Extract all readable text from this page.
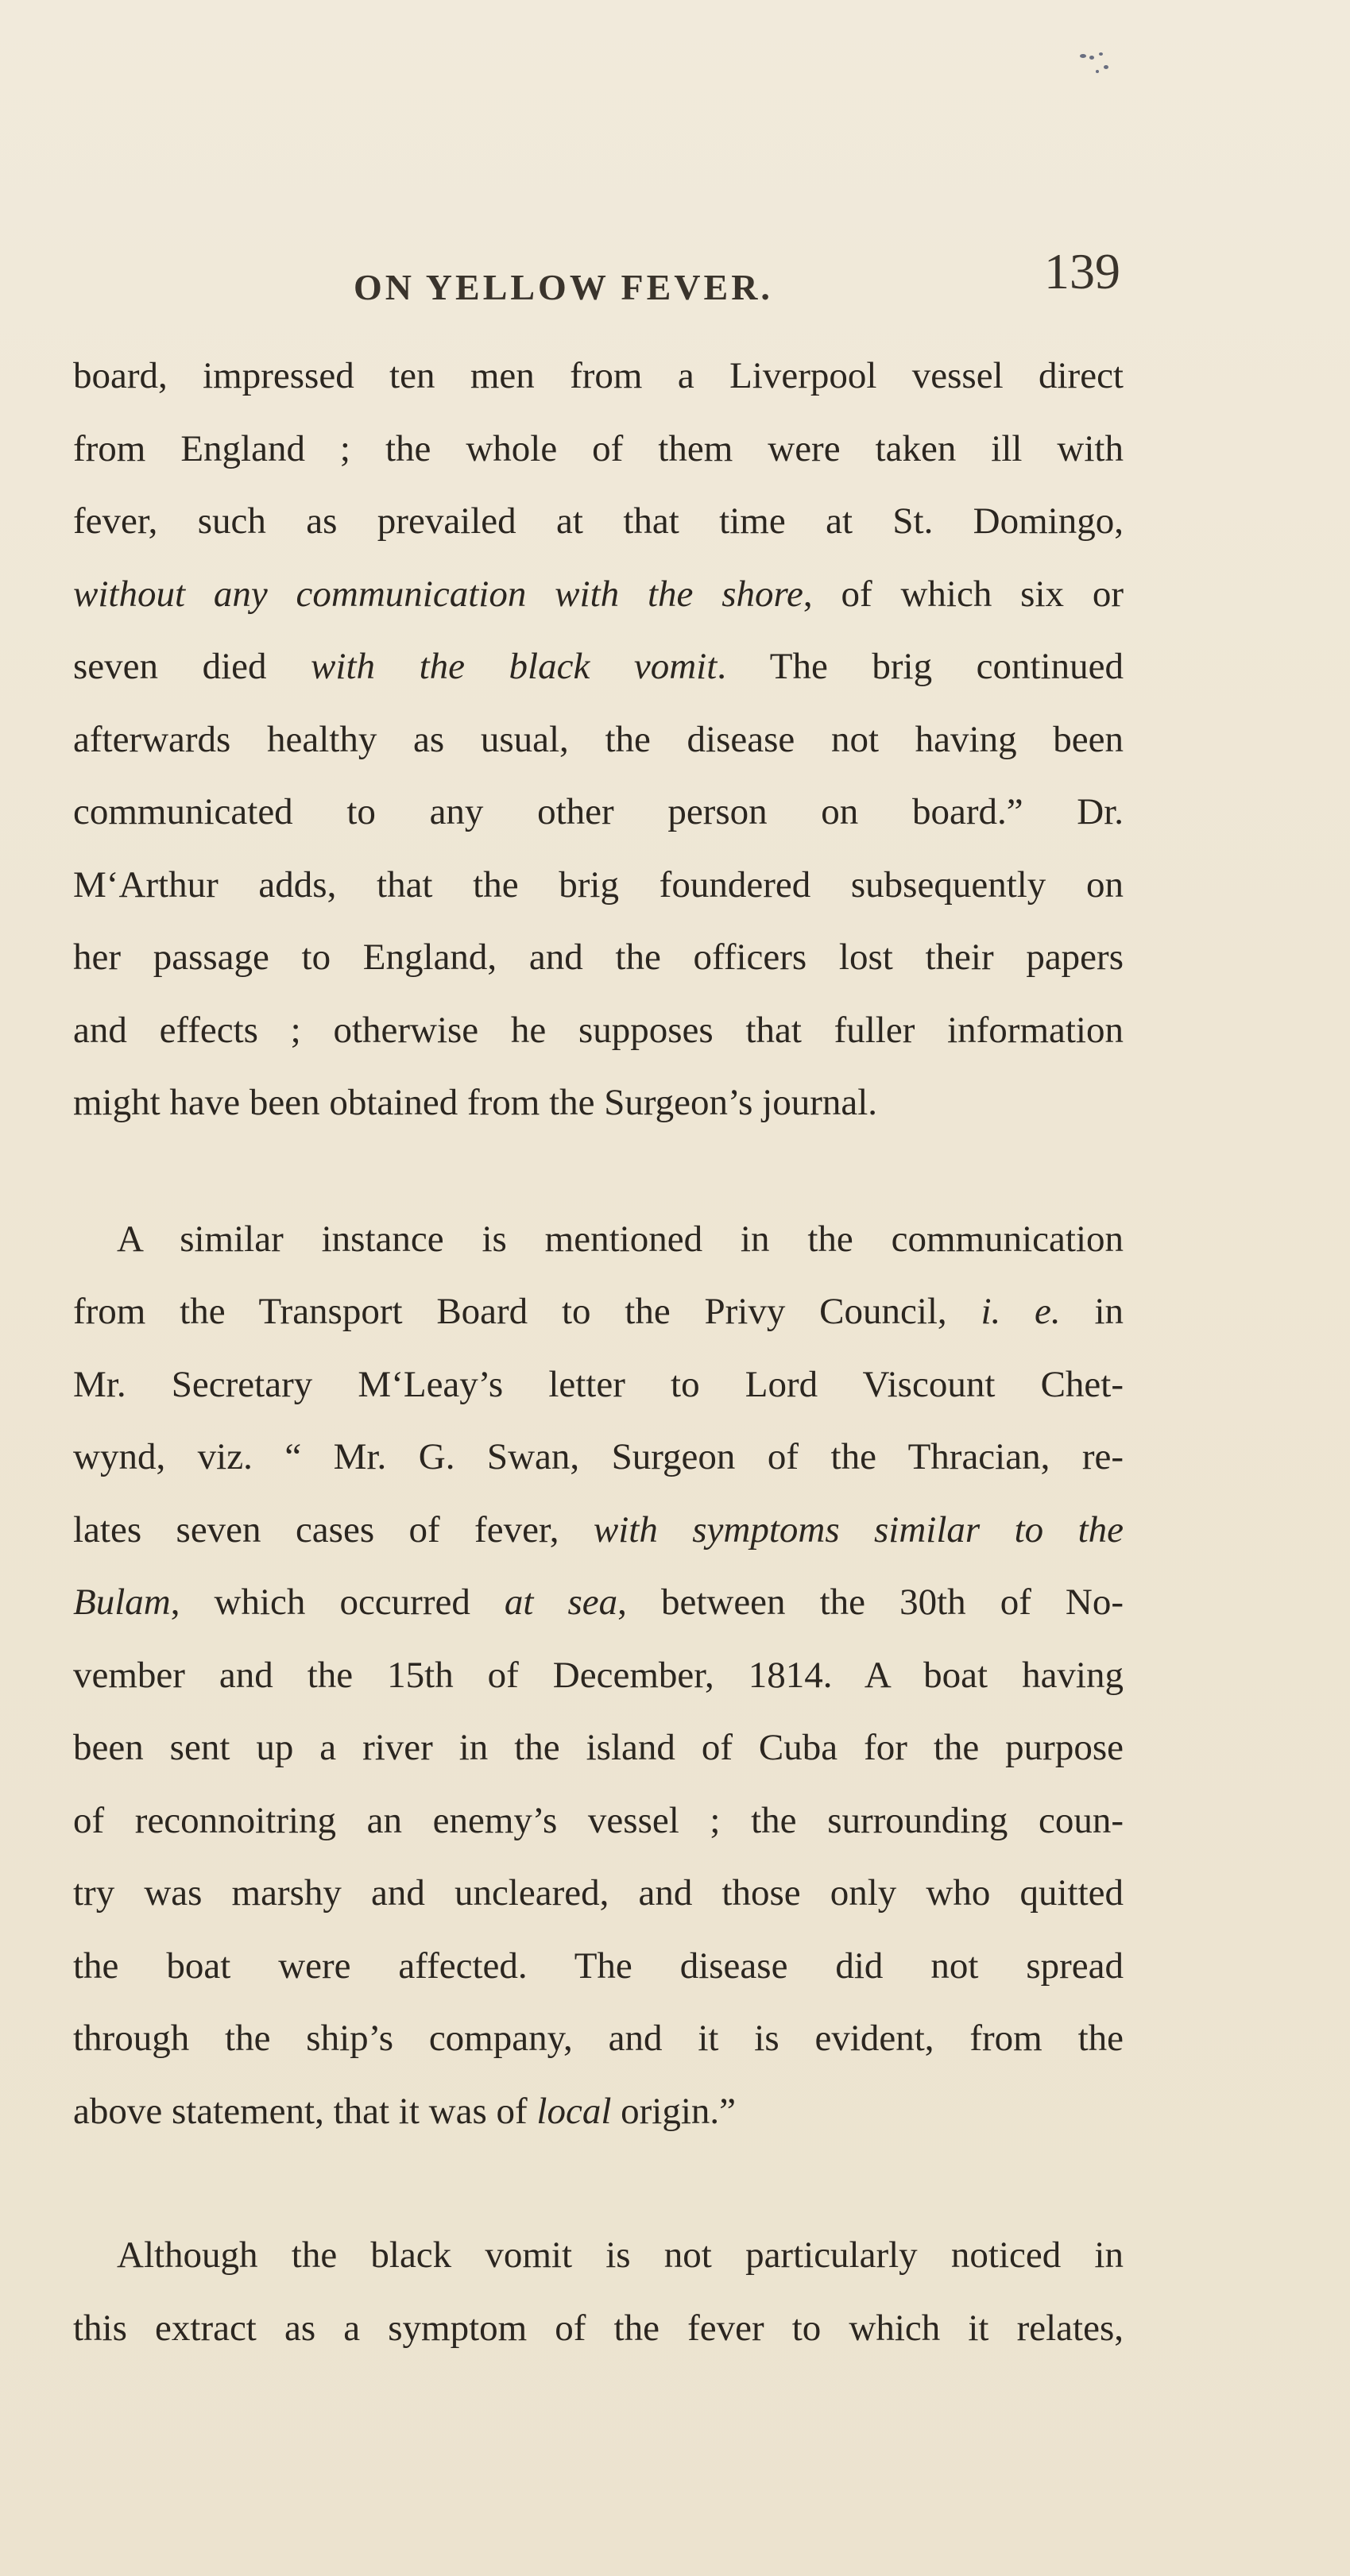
ON YELLOW FEVER.	139

board, impressed ten men from a Liverpool vessel direct
from England ; the whole of them were taken ill with
fever, such as prevailed at that time at St. Domingo,
without any communication with the shore, of which six or
seven died with the black vomit. The brig continued
afterwards healthy as usual, the disease not having been
communicated to any other person on board.” Dr.
M‘Arthur adds, that the brig foundered subsequently on
her passage to England, and the officers lost their papers
and effects ; otherwise he supposes that fuller information
might have been obtained from the Surgeon’s journal.

A similar instance is mentioned in the communication
from the Transport Board to the Privy Council, i. e. in
Mr. Secretary M‘Leay’s letter to Lord Viscount Chet-
wynd, viz. “ Mr. G. Swan, Surgeon of the Thracian, re-
lates seven cases of fever, with symptoms similar to the
Bulam, which occurred at sea, between the 30th of No-
vember and the 15th of December, 1814. A boat having
been sent up a river in the island of Cuba for the purpose
of reconnoitring an enemy’s vessel ; the surrounding coun-
try was marshy and uncleared, and those only who quitted
the boat were affected. The disease did not spread
through the ship’s company, and it is evident, from the
above statement, that it was of local origin.”

Although the black vomit is not particularly noticed in
this extract as a symptom of the fever to which it relates,
